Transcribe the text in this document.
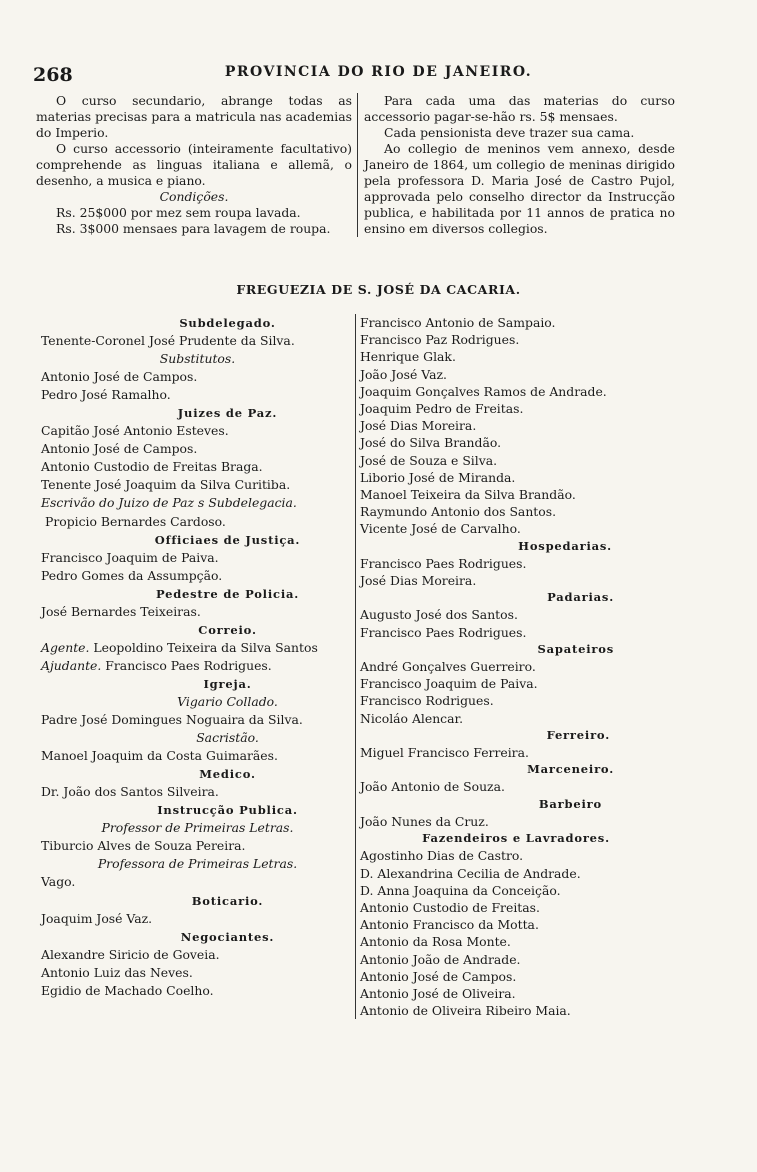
268	PROVINCIA DO RIO DE JANEIRO.

O curso secundario, abrange todas as materias precisas para a matricula nas academias do Imperio.

O curso accessorio (inteiramente facultativo) comprehende as linguas italiana e allemã, o desenho, a musica e piano.

Condições.

Rs. 25$000 por mez sem roupa lavada.

Rs. 3$000 mensaes para lavagem de roupa.

Para cada uma das materias do curso accessorio pagar-se-hão rs. 5$ mensaes.

Cada pensionista deve trazer sua cama.

Ao collegio de meninos vem annexo, desde Janeiro de 1864, um collegio de meninas dirigido pela professora D. Maria José de Castro Pujol, approvada pelo conselho director da Instrucção publica, e habilitada por 11 annos de pratica no ensino em diversos collegios.

FREGUEZIA DE S. JOSÉ DA CACARIA.
Subdelegado.
Tenente-Coronel José Prudente da Silva.
Substitutos.
Antonio José de Campos.
Pedro José Ramalho.
Juizes de Paz.
Capitão José Antonio Esteves.
Antonio José de Campos.
Antonio Custodio de Freitas Braga.
Tenente José Joaquim da Silva Curitiba.
Escrivão do Juizo de Paz s Subdelegacia.
Propicio Bernardes Cardoso.
Officiaes de Justiça.
Francisco Joaquim de Paiva.
Pedro Gomes da Assumpção.
Pedestre de Policia.
José Bernardes Teixeiras.
Correio.
Agente. Leopoldino Teixeira da Silva Santos
Ajudante. Francisco Paes Rodrigues.
Igreja.
Vigario Collado.
Padre José Domingues Noguaira da Silva.
Sacristão.
Manoel Joaquim da Costa Guimarães.
Medico.
Dr. João dos Santos Silveira.
Instrucção Publica.
Professor de Primeiras Letras.
Tiburcio Alves de Souza Pereira.
Professora de Primeiras Letras.
Vago.
Boticario.
Joaquim José Vaz.
Negociantes.
Alexandre Siricio de Goveia.
Antonio Luiz das Neves.
Egidio de Machado Coelho.
Francisco Antonio de Sampaio.
Francisco Paz Rodrigues.
Henrique Glak.
João José Vaz.
Joaquim Gonçalves Ramos de Andrade.
Joaquim Pedro de Freitas.
José Dias Moreira.
José do Silva Brandão.
José de Souza e Silva.
Liborio José de Miranda.
Manoel Teixeira da Silva Brandão.
Raymundo Antonio dos Santos.
Vicente José de Carvalho.
Hospedarias.
Francisco Paes Rodrigues.
José Dias Moreira.
Padarias.
Augusto José dos Santos.
Francisco Paes Rodrigues.
Sapateiros
André Gonçalves Guerreiro.
Francisco Joaquim de Paiva.
Francisco Rodrigues.
Nicoláo Alencar.
Ferreiro.
Miguel Francisco Ferreira.
Marceneiro.
João Antonio de Souza.
Barbeiro
João Nunes da Cruz.
Fazendeiros e Lavradores.
Agostinho Dias de Castro.
D. Alexandrina Cecilia de Andrade.
D. Anna Joaquina da Conceição.
Antonio Custodio de Freitas.
Antonio Francisco da Motta.
Antonio da Rosa Monte.
Antonio João de Andrade.
Antonio José de Campos.
Antonio José de Oliveira.
Antonio de Oliveira Ribeiro Maia.
